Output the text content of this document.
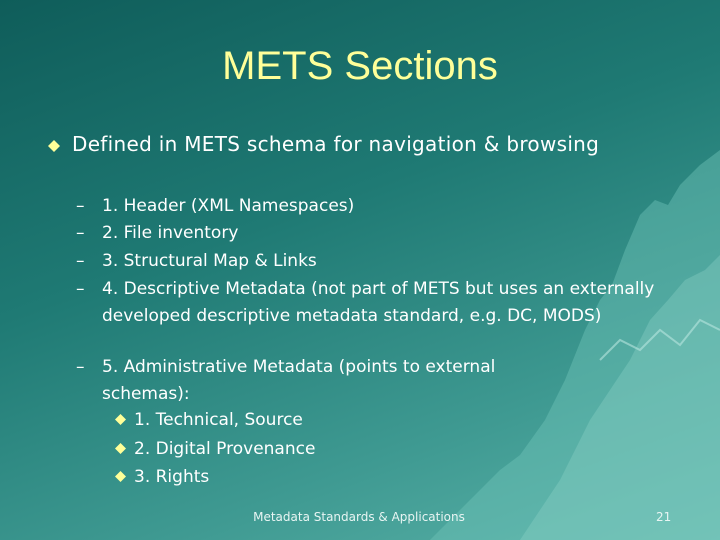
METS Sections
Defined in METS schema for navigation & browsing
–
–
–
–
–
1. Header (XML Namespaces)
2. File inventory
3. Structural Map & Links
4. Descriptive Metadata (not part of METS but uses an externally developed descriptive metadata standard, e.g. DC, MODS)
5. Administrative Metadata (points to external schemas):
1. Technical, Source
2. Digital Provenance
3. Rights
Metadata Standards & Applications	21
